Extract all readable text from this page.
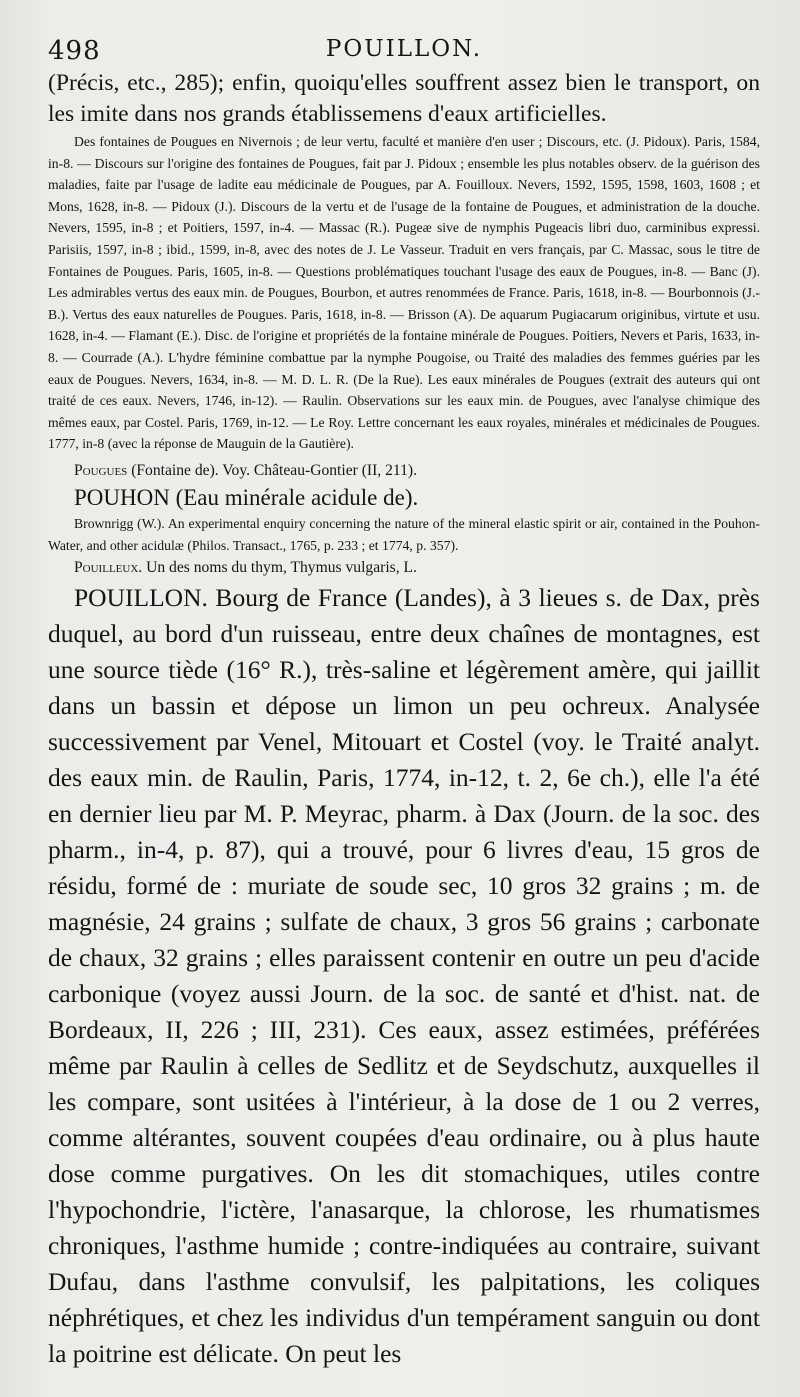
498	POUILLON.

(Précis, etc., 285); enfin, quoiqu'elles souffrent assez bien le transport, on les imite dans nos grands établissemens d'eaux artificielles.

Des fontaines de Pougues en Nivernois ; de leur vertu, faculté et manière d'en user ; Discours, etc. (J. Pidoux). Paris, 1584, in-8. — Discours sur l'origine des fontaines de Pougues, fait par J. Pidoux ; ensemble les plus notables observ. de la guérison des maladies, faite par l'usage de ladite eau médicinale de Pougues, par A. Fouilloux. Nevers, 1592, 1595, 1598, 1603, 1608 ; et Mons, 1628, in-8. — Pidoux (J.). Discours de la vertu et de l'usage de la fontaine de Pougues, et administration de la douche. Nevers, 1595, in-8 ; et Poitiers, 1597, in-4. — Massac (R.). Pugeæ sive de nymphis Pugeacis libri duo, carminibus expressi. Parisiis, 1597, in-8 ; ibid., 1599, in-8, avec des notes de J. Le Vasseur. Traduit en vers français, par C. Massac, sous le titre de Fontaines de Pougues. Paris, 1605, in-8. — Questions problématiques touchant l'usage des eaux de Pougues, in-8. — Banc (J). Les admirables vertus des eaux min. de Pougues, Bourbon, et autres renommées de France. Paris, 1618, in-8. — Bourbonnois (J.-B.). Vertus des eaux naturelles de Pougues. Paris, 1618, in-8. — Brisson (A). De aquarum Pugiacarum originibus, virtute et usu. 1628, in-4. — Flamant (E.). Disc. de l'origine et propriétés de la fontaine minérale de Pougues. Poitiers, Nevers et Paris, 1633, in-8. — Courrade (A.). L'hydre féminine combattue par la nymphe Pougoise, ou Traité des maladies des femmes guéries par les eaux de Pougues. Nevers, 1634, in-8. — M. D. L. R. (De la Rue). Les eaux minérales de Pougues (extrait des auteurs qui ont traité de ces eaux. Nevers, 1746, in-12). — Raulin. Observations sur les eaux min. de Pougues, avec l'analyse chimique des mêmes eaux, par Costel. Paris, 1769, in-12. — Le Roy. Lettre concernant les eaux royales, minérales et médicinales de Pougues. 1777, in-8 (avec la réponse de Mauguin de la Gautière).

Pougues (Fontaine de). Voy. Château-Gontier (II, 211).

POUHON (Eau minérale acidule de).

Brownrigg (W.). An experimental enquiry concerning the nature of the mineral elastic spirit or air, contained in the Pouhon-Water, and other acidulæ (Philos. Transact., 1765, p. 233 ; et 1774, p. 357).

Pouilleux. Un des noms du thym, Thymus vulgaris, L.

POUILLON. Bourg de France (Landes), à 3 lieues s. de Dax, près duquel, au bord d'un ruisseau, entre deux chaînes de montagnes, est une source tiède (16° R.), très-saline et légèrement amère, qui jaillit dans un bassin et dépose un limon un peu ochreux. Analysée successivement par Venel, Mitouart et Costel (voy. le Traité analyt. des eaux min. de Raulin, Paris, 1774, in-12, t. 2, 6e ch.), elle l'a été en dernier lieu par M. P. Meyrac, pharm. à Dax (Journ. de la soc. des pharm., in-4, p. 87), qui a trouvé, pour 6 livres d'eau, 15 gros de résidu, formé de : muriate de soude sec, 10 gros 32 grains ; m. de magnésie, 24 grains ; sulfate de chaux, 3 gros 56 grains ; carbonate de chaux, 32 grains ; elles paraissent contenir en outre un peu d'acide carbonique (voyez aussi Journ. de la soc. de santé et d'hist. nat. de Bordeaux, II, 226 ; III, 231). Ces eaux, assez estimées, préférées même par Raulin à celles de Sedlitz et de Seydschutz, auxquelles il les compare, sont usitées à l'intérieur, à la dose de 1 ou 2 verres, comme altérantes, souvent coupées d'eau ordinaire, ou à plus haute dose comme purgatives. On les dit stomachiques, utiles contre l'hypochondrie, l'ictère, l'anasarque, la chlorose, les rhumatismes chroniques, l'asthme humide ; contre-indiquées au contraire, suivant Dufau, dans l'asthme convulsif, les palpitations, les coliques néphrétiques, et chez les individus d'un tempérament sanguin ou dont la poitrine est délicate. On peut les
